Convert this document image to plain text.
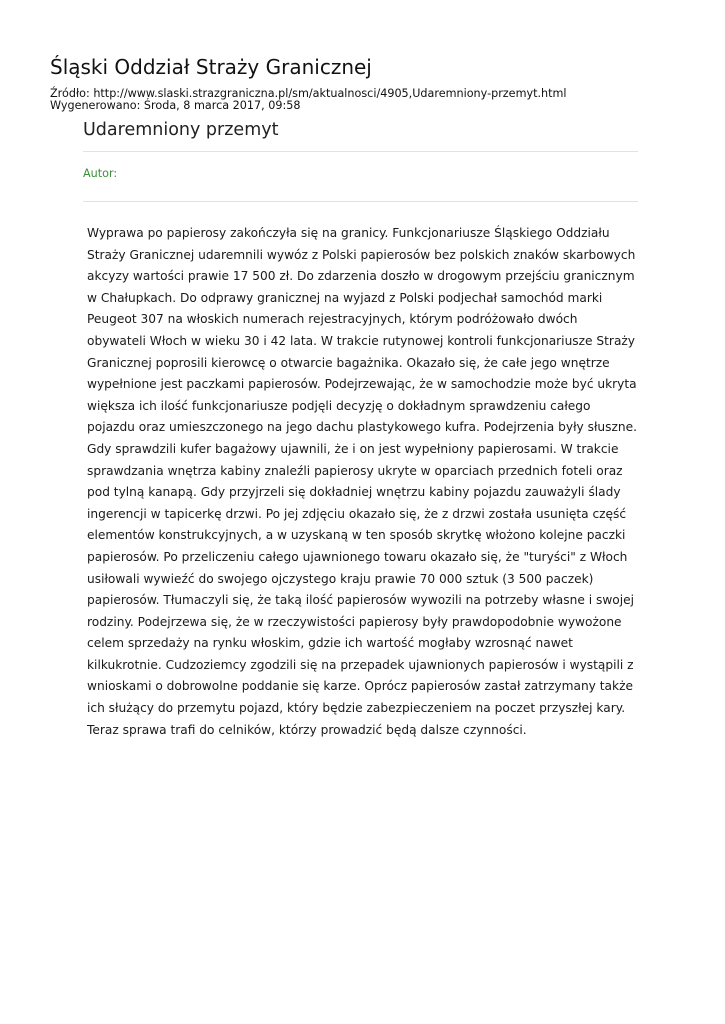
Śląski Oddział Straży Granicznej
Źródło: http://www.slaski.strazgraniczna.pl/sm/aktualnosci/4905,Udaremniony-przemyt.html
Wygenerowano: Środa, 8 marca 2017, 09:58
Udaremniony przemyt
Autor:

Wyprawa po papierosy zakończyła się na granicy. Funkcjonariusze Śląskiego Oddziału Straży Granicznej udaremnili wywóz z Polski papierosów bez polskich znaków skarbowych akcyzy wartości prawie 17 500 zł. Do zdarzenia doszło w drogowym przejściu granicznym w Chałupkach. Do odprawy granicznej na wyjazd z Polski podjechał samochód marki Peugeot 307 na włoskich numerach rejestracyjnych, którym podróżowało dwóch obywateli Włoch w wieku 30 i 42 lata. W trakcie rutynowej kontroli funkcjonariusze Straży Granicznej poprosili kierowcę o otwarcie bagażnika. Okazało się, że całe jego wnętrze wypełnione jest paczkami papierosów. Podejrzewając, że w samochodzie może być ukryta większa ich ilość funkcjonariusze podjęli decyzję o dokładnym sprawdzeniu całego pojazdu oraz umieszczonego na jego dachu plastykowego kufra. Podejrzenia były słuszne. Gdy sprawdzili kufer bagażowy ujawnili, że i on jest wypełniony papierosami. W trakcie sprawdzania wnętrza kabiny znaleźli papierosy ukryte w oparciach przednich foteli oraz pod tylną kanapą. Gdy przyjrzeli się dokładniej wnętrzu kabiny pojazdu zauważyli ślady ingerencji w tapicerkę drzwi. Po jej zdjęciu okazało się, że z drzwi została usunięta część elementów konstrukcyjnych, a w uzyskaną w ten sposób skrytkę włożono kolejne paczki papierosów. Po przeliczeniu całego ujawnionego towaru okazało się, że "turyści" z Włoch usiłowali wywieźć do swojego ojczystego kraju prawie 70 000 sztuk (3 500 paczek) papierosów. Tłumaczyli się, że taką ilość papierosów wywozili na potrzeby własne i swojej rodziny. Podejrzewa się, że w rzeczywistości papierosy były prawdopodobnie wywożone celem sprzedaży na rynku włoskim, gdzie ich wartość mogłaby wzrosnąć nawet kilkukrotnie. Cudzoziemcy zgodzili się na przepadek ujawnionych papierosów i wystąpili z wnioskami o dobrowolne poddanie się karze. Oprócz papierosów zastał zatrzymany także ich służący do przemytu pojazd, który będzie zabezpieczeniem na poczet przyszłej kary. Teraz sprawa trafi do celników, którzy prowadzić będą dalsze czynności.
